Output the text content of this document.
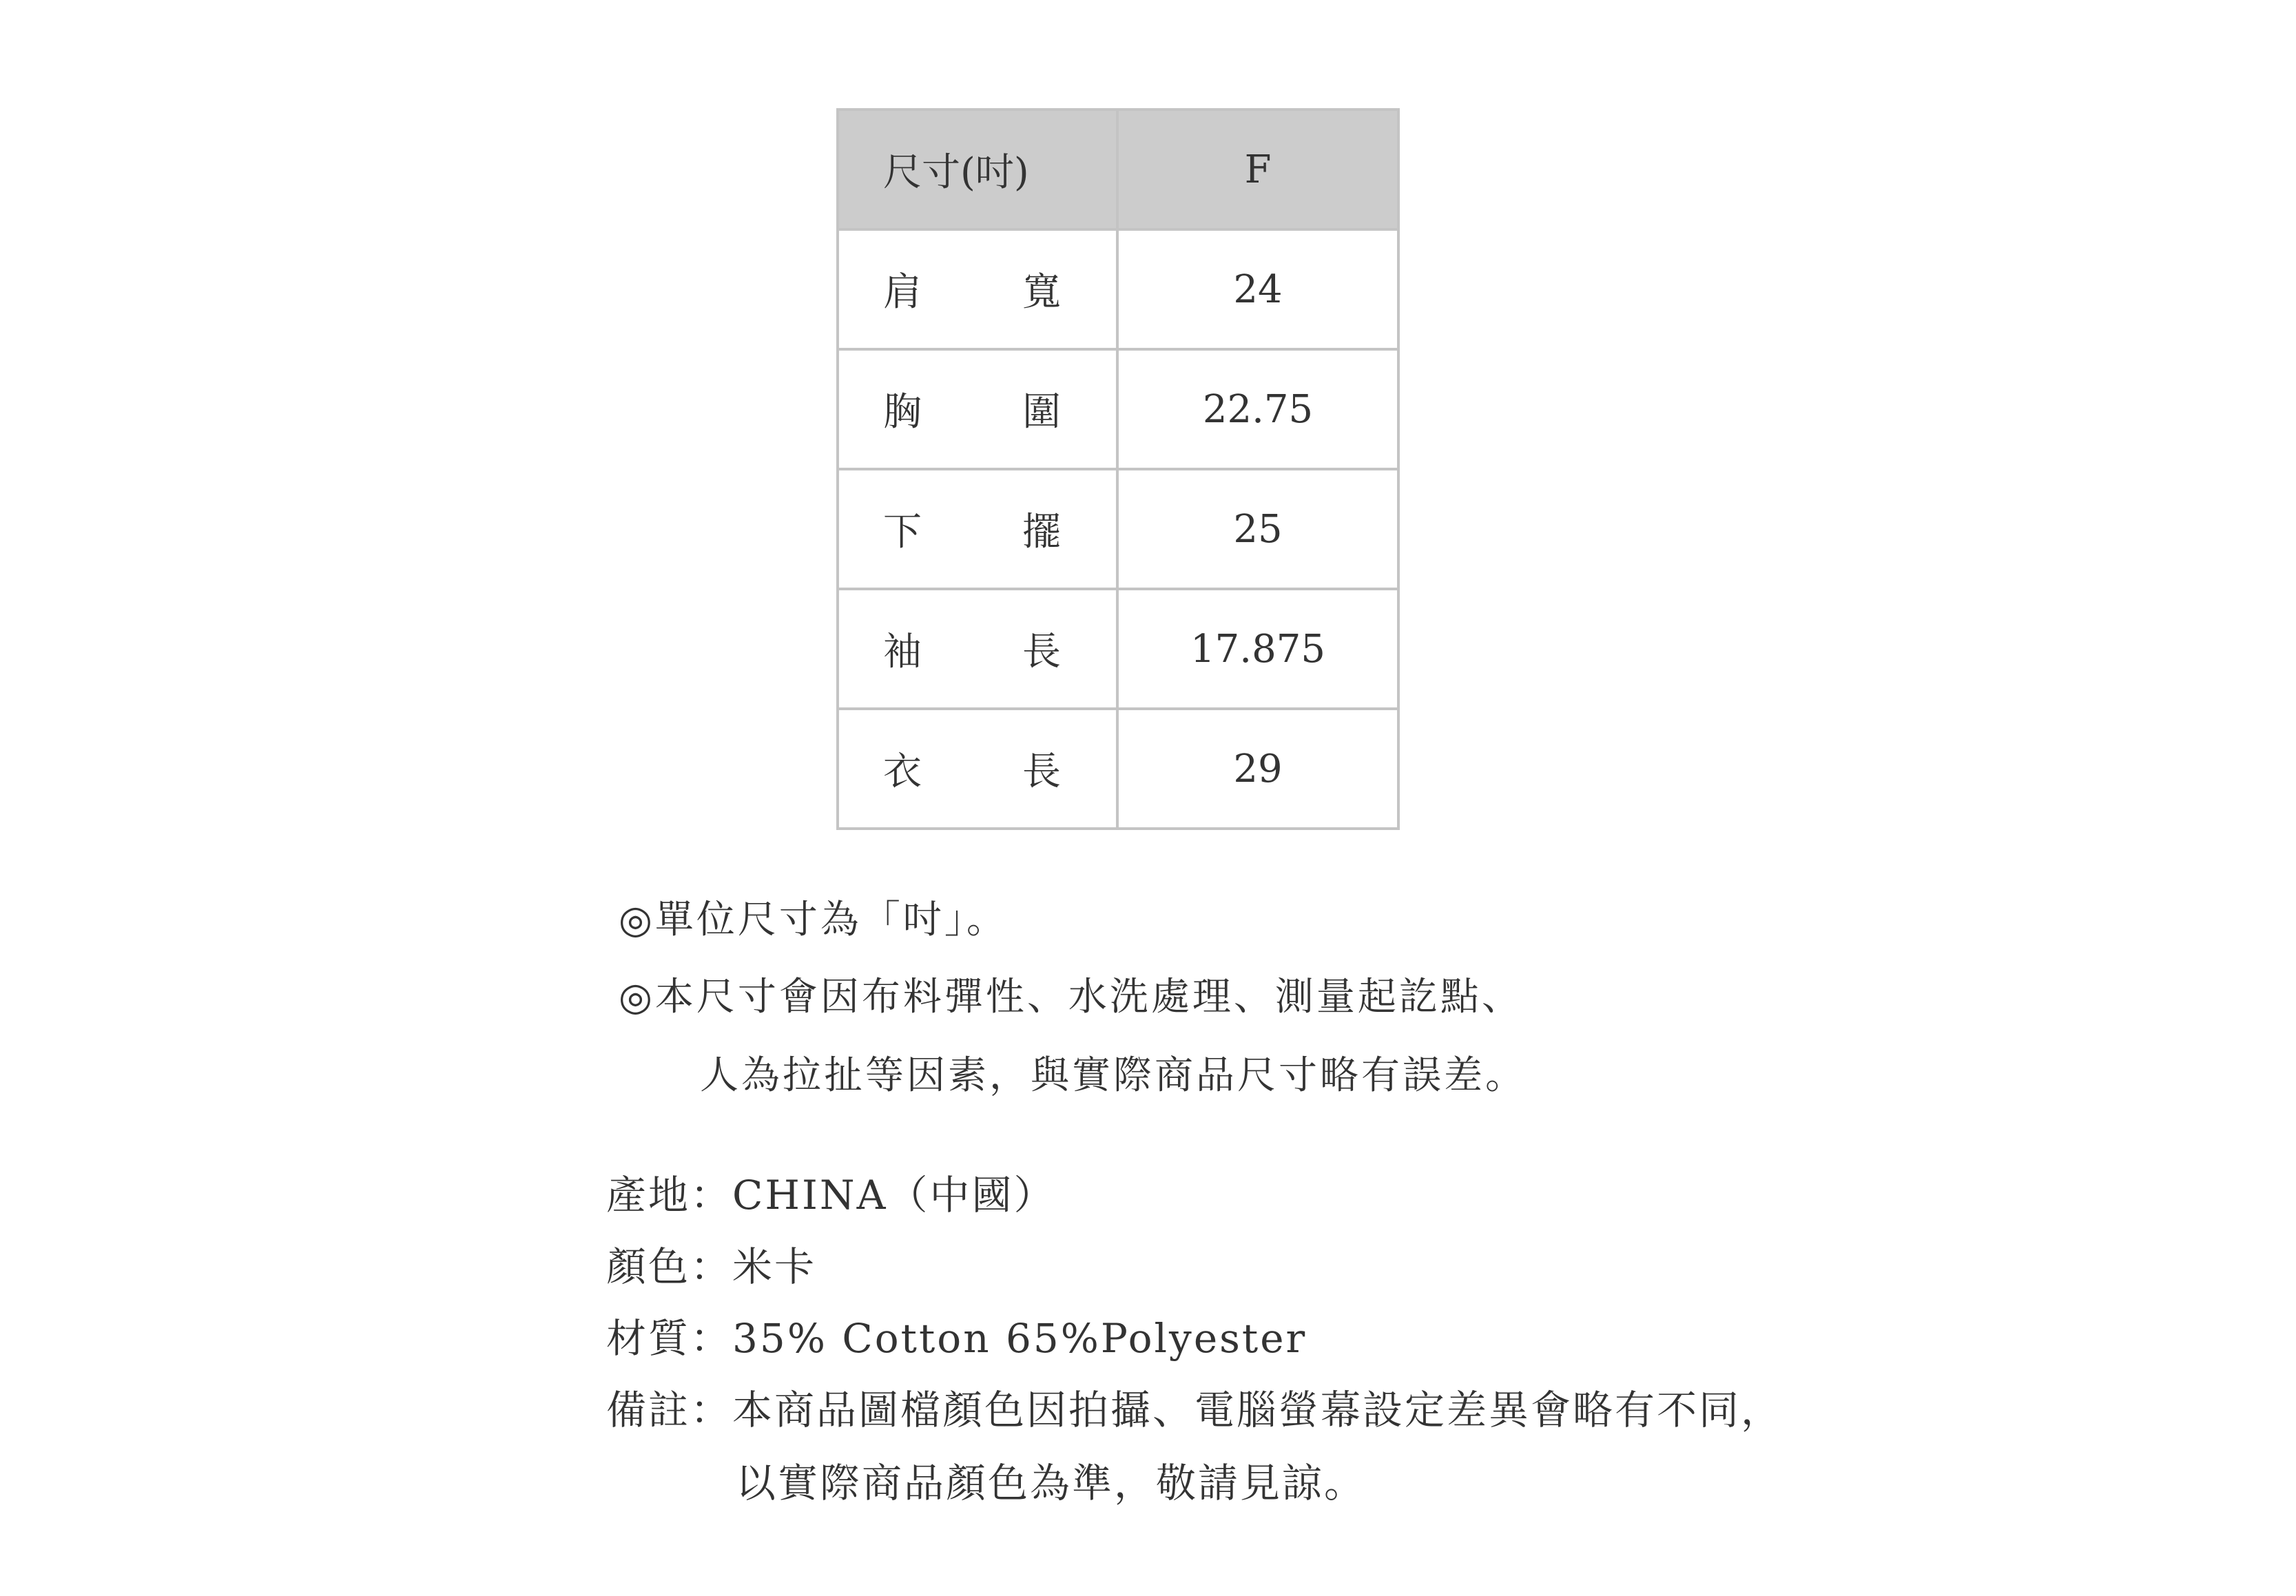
尺寸(吋)	F

肩 寬	24

胸 圍	22.75

下 擺	25

袖 長	17.875

衣 長	29
◎單位尺寸為「吋」。
◎本尺寸會因布料彈性、水洗處理、測量起訖點、
人為拉扯等因素，與實際商品尺寸略有誤差。
產地： CHINA（中國）
顏色： 米卡
材質： 35% Cotton 65%Polyester
備註： 本商品圖檔顏色因拍攝、電腦螢幕設定差異會略有不同，
以實際商品顏色為準，敬請見諒。
